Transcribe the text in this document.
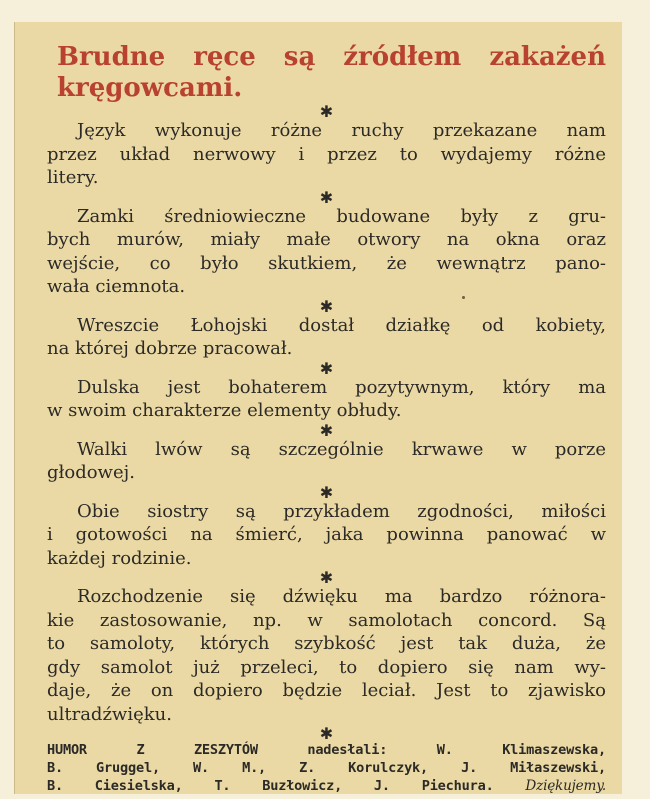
Brudne ręce są źródłem zakażeń
kręgowcami.
✱

Język wykonuje różne ruchy przekazane nam
przez układ nerwowy i przez to wydajemy różne
litery.

✱

Zamki średniowieczne budowane były z gru-
bych murów, miały małe otwory na okna oraz
wejście, co było skutkiem, że wewnątrz pano-
wała ciemnota.

✱

Wreszcie Łohojski dostał działkę od kobiety,
na której dobrze pracował.

✱

Dulska jest bohaterem pozytywnym, który ma
w swoim charakterze elementy obłudy.

✱

Walki lwów są szczególnie krwawe w porze
głodowej.

✱

Obie siostry są przykładem zgodności, miłości
i gotowości na śmierć, jaka powinna panować w
każdej rodzinie.

✱

Rozchodzenie się dźwięku ma bardzo różnora-
kie zastosowanie, np. w samolotach concord. Są
to samoloty, których szybkość jest tak duża, że
gdy samolot już przeleci, to dopiero się nam wy-
daje, że on dopiero będzie leciał. Jest to zjawisko
ultradźwięku.

✱

HUMOR Z ZESZYTÓW nadesłali: W. Klimaszewska,
B. Gruggel, W. M., Z. Korulczyk, J. Miłaszewski,
B. Ciesielska, T. Buzłowicz, J. Piechura. Dziękujemy.
